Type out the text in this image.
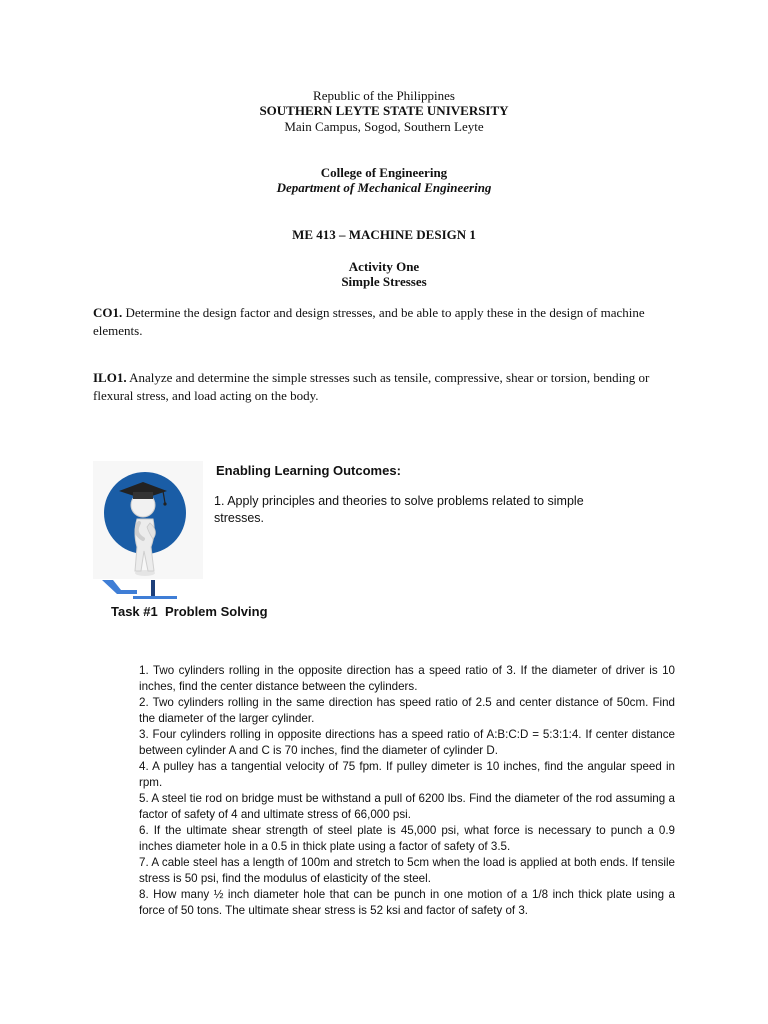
Republic of the Philippines
SOUTHERN LEYTE STATE UNIVERSITY
Main Campus, Sogod, Southern Leyte
College of Engineering
Department of Mechanical Engineering
ME 413 – MACHINE DESIGN 1
Activity One
Simple Stresses
CO1. Determine the design factor and design stresses, and be able to apply these in the design of machine elements.
ILO1. Analyze and determine the simple stresses such as tensile, compressive, shear or torsion, bending or flexural stress, and load acting on the body.
Enabling Learning Outcomes:
1. Apply principles and theories to solve problems related to simple stresses.
Task #1  Problem Solving

1. Two cylinders rolling in the opposite direction has a speed ratio of 3. If the diameter of driver is 10 inches, find the center distance between the cylinders.

2. Two cylinders rolling in the same direction has speed ratio of 2.5 and center distance of 50cm. Find the diameter of the larger cylinder.

3. Four cylinders rolling in opposite directions has a speed ratio of A:B:C:D = 5:3:1:4. If center distance between cylinder A and C is 70 inches, find the diameter of cylinder D.

4. A pulley has a tangential velocity of 75 fpm. If pulley dimeter is 10 inches, find the angular speed in rpm.

5. A steel tie rod on bridge must be withstand a pull of 6200 lbs. Find the diameter of the rod assuming a factor of safety of 4 and ultimate stress of 66,000 psi.

6. If the ultimate shear strength of steel plate is 45,000 psi, what force is necessary to punch a 0.9 inches diameter hole in a 0.5 in thick plate using a factor of safety of 3.5.

7. A cable steel has a length of 100m and stretch to 5cm when the load is applied at both ends. If tensile stress is 50 psi, find the modulus of elasticity of the steel.

8. How many ½ inch diameter hole that can be punch in one motion of a 1/8 inch thick plate using a force of 50 tons. The ultimate shear stress is 52 ksi and factor of safety of 3.
